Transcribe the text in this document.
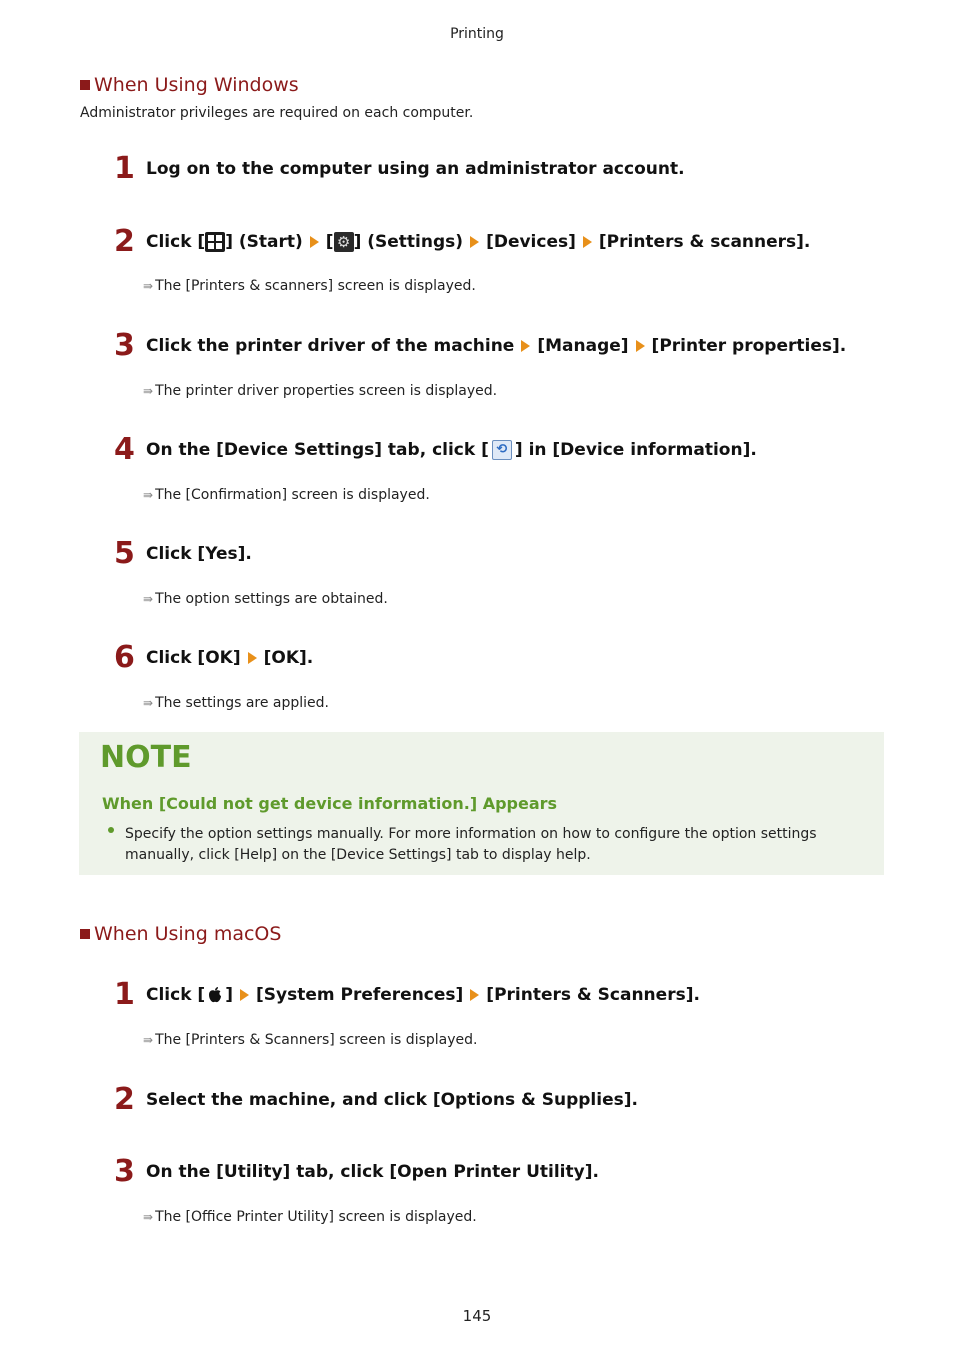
Printing
When Using Windows
Administrator privileges are required on each computer.
1 Log on to the computer using an administrator account.
2 Click [ ] (Start) [ ⚙ ] (Settings) [Devices] [Printers & scanners].
⇛ The [Printers & scanners] screen is displayed.
3 Click the printer driver of the machine [Manage] [Printer properties].
⇛ The printer driver properties screen is displayed.
4 On the [Device Settings] tab, click [ ⟲ ] in [Device information].
⇛ The [Confirmation] screen is displayed.
5 Click [Yes].
⇛ The option settings are obtained.
6 Click [OK] [OK].
⇛ The settings are applied.
NOTE
When [Could not get device information.] Appears
Specify the option settings manually. For more information on how to configure the option settings manually, click [Help] on the [Device Settings] tab to display help.
When Using macOS
1 Click [ ] [System Preferences] [Printers & Scanners].
⇛ The [Printers & Scanners] screen is displayed.
2 Select the machine, and click [Options & Supplies].
3 On the [Utility] tab, click [Open Printer Utility].
⇛ The [Office Printer Utility] screen is displayed.
145
